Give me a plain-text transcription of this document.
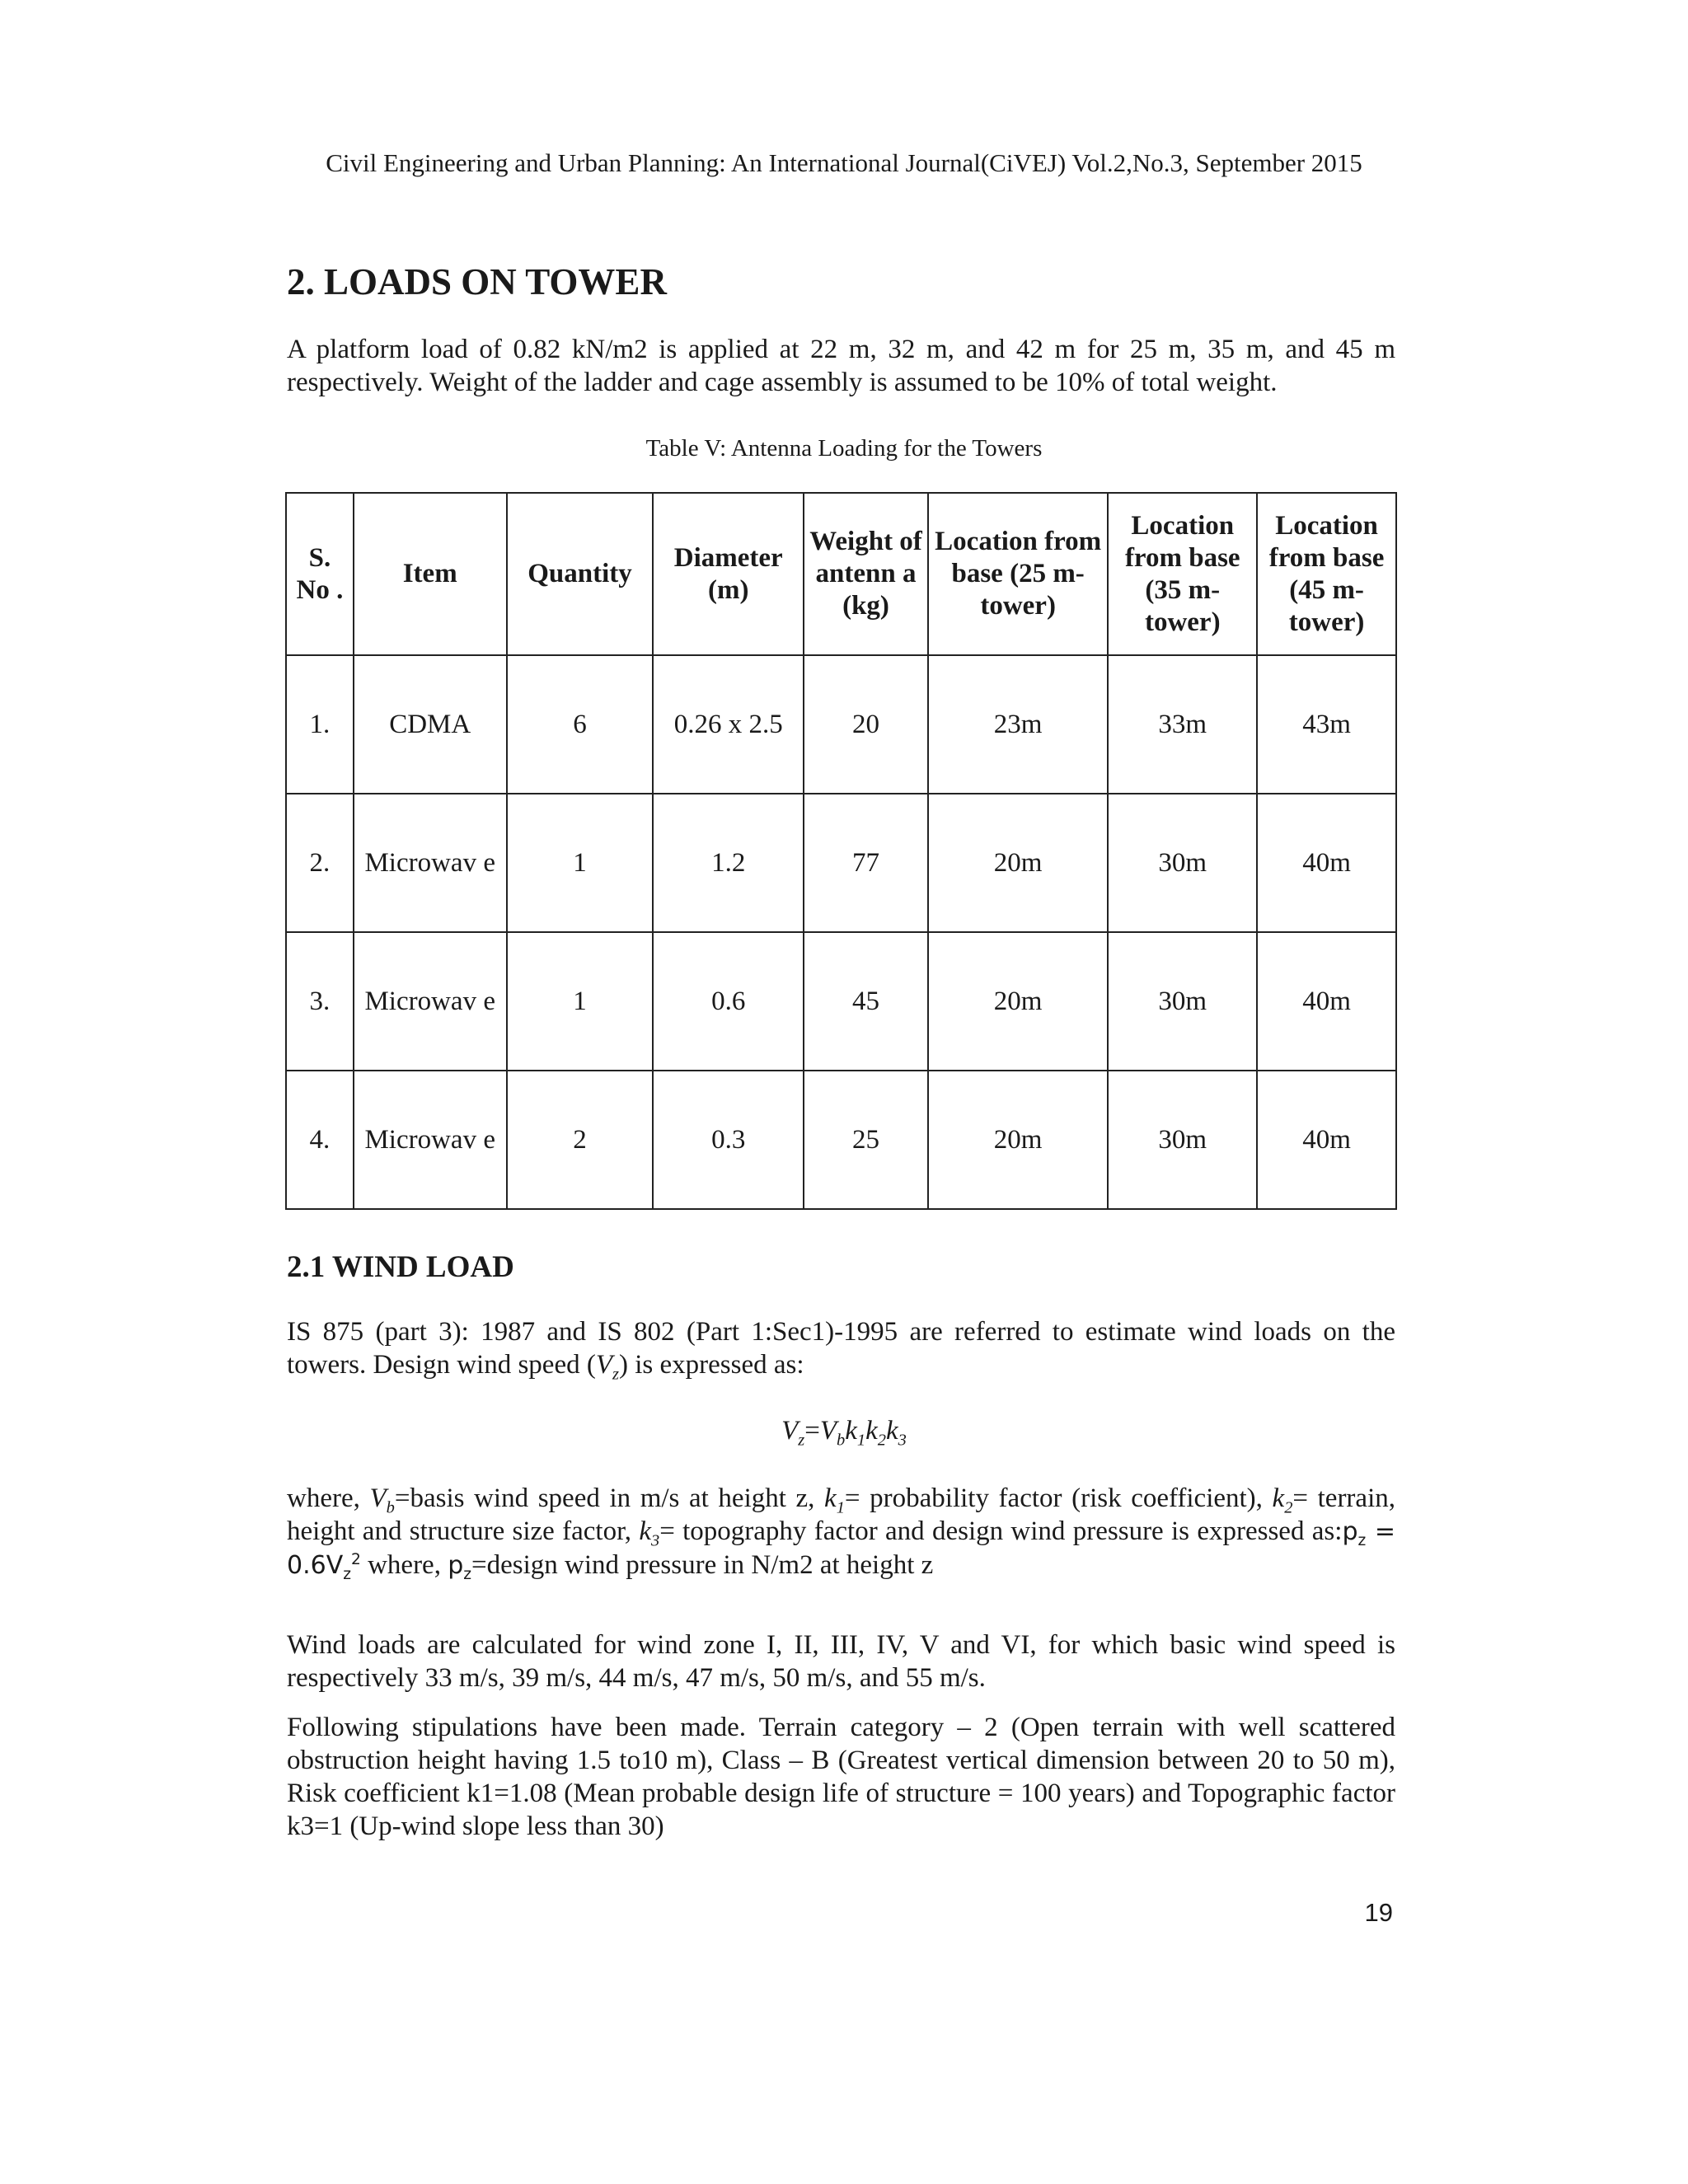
Civil Engineering and Urban Planning: An International Journal(CiVEJ) Vol.2,No.3, September 2015
2. LOADS ON TOWER

A platform load of 0.82 kN/m2 is applied at 22 m, 32 m, and 42 m for 25 m, 35 m, and 45 m respectively. Weight of the ladder and cage assembly is assumed to be 10% of total weight.

Table V: Antenna Loading for the Towers
S. No .	Item	Quantity	Diameter (m)	Weight of antenn a (kg)	Location from base (25 m- tower)	Location from base (35 m- tower)	Location from base (45 m- tower)
1.	CDMA	6	0.26 x 2.5	20	23m	33m	43m
2.	Microwav e	1	1.2	77	20m	30m	40m
3.	Microwav e	1	0.6	45	20m	30m	40m
4.	Microwav e	2	0.3	25	20m	30m	40m
2.1 WIND LOAD

IS 875 (part 3): 1987 and IS 802 (Part 1:Sec1)-1995 are referred to estimate wind loads on the towers. Design wind speed $(V_z)$ is expressed as:

$V_z=V_bk_1k_2k_3$

where, $V_b=basis$ wind speed in m/s at height z, $k_1=$ probability factor (risk coefficient), $k_2=$ terrain, height and structure size factor, $k_3=$ topography factor and design wind pressure is expressed $as:p_z = 0.6V_z^2$ where, $p_z=design$ wind pressure in N/m2 at height z

Wind loads are calculated for wind zone I, II, III, IV, V and VI, for which basic wind speed is respectively 33 m/s, 39 m/s, 44 m/s, 47 m/s, 50 m/s, and 55 m/s.

Following stipulations have been made. Terrain category – 2 (Open terrain with well scattered obstruction height having 1.5 to10 m), Class – B (Greatest vertical dimension between 20 to 50 m), Risk coefficient k1=1.08 (Mean probable design life of structure = 100 years) and Topographic factor k3=1 (Up-wind slope less than 30)

19
